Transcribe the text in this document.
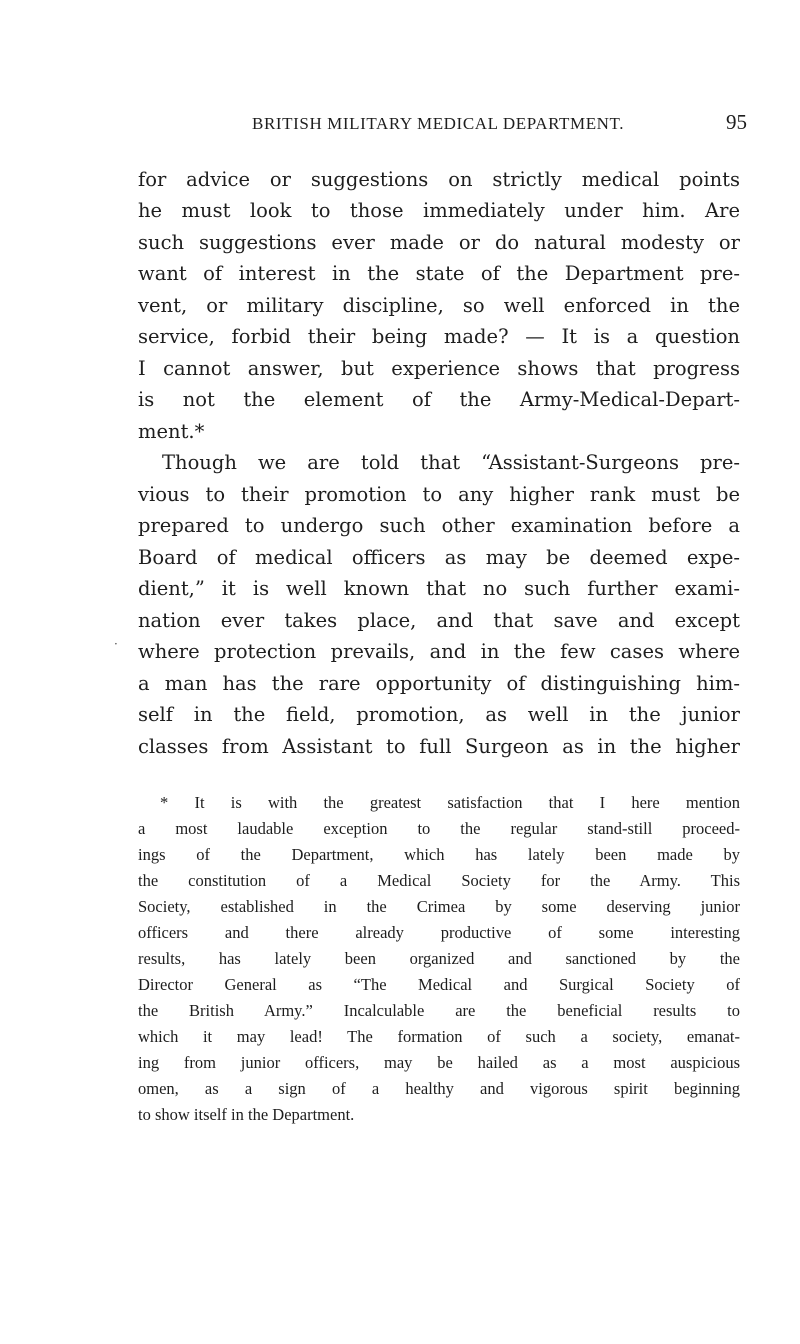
BRITISH MILITARY MEDICAL DEPARTMENT.	95
·
for advice or suggestions on strictly medical points
he must look to those immediately under him. Are
such suggestions ever made or do natural modesty or
want of interest in the state of the Department pre-
vent, or military discipline, so well enforced in the
service, forbid their being made? — It is a question
I cannot answer, but experience shows that progress
is not the element of the Army-Medical-Depart-
ment.*
Though we are told that “Assistant-Surgeons pre-
vious to their promotion to any higher rank must be
prepared to undergo such other examination before a
Board of medical officers as may be deemed expe-
dient,” it is well known that no such further exami-
nation ever takes place, and that save and except
where protection prevails, and in the few cases where
a man has the rare opportunity of distinguishing him-
self in the field, promotion, as well in the junior
classes from Assistant to full Surgeon as in the higher
* It is with the greatest satisfaction that I here mention
a most laudable exception to the regular stand-still proceed-
ings of the Department, which has lately been made by
the constitution of a Medical Society for the Army. This
Society, established in the Crimea by some deserving junior
officers and there already productive of some interesting
results, has lately been organized and sanctioned by the
Director General as “The Medical and Surgical Society of
the British Army.” Incalculable are the beneficial results to
which it may lead! The formation of such a society, emanat-
ing from junior officers, may be hailed as a most auspicious
omen, as a sign of a healthy and vigorous spirit beginning
to show itself in the Department.
